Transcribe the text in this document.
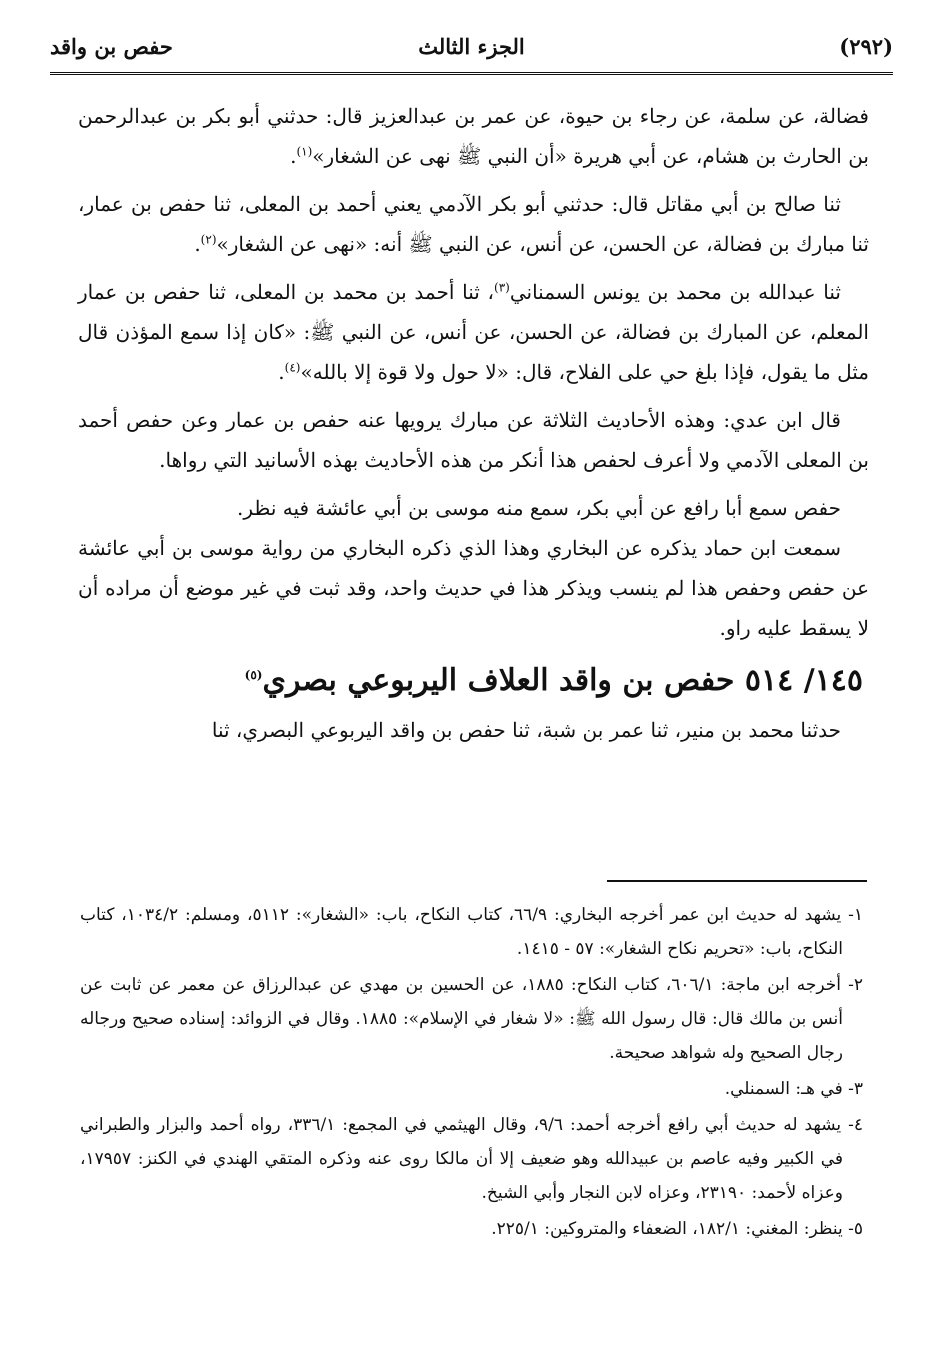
(٢٩٢)
الجزء الثالث
حفص بن واقد

فضالة، عن سلمة، عن رجاء بن حيوة، عن عمر بن عبدالعزيز قال: حدثني أبو بكر بن عبدالرحمن بن الحارث بن هشام، عن أبي هريرة «أن النبي ﷺ نهى عن الشغار»$^{(١)}$.

ثنا صالح بن أبي مقاتل قال: حدثني أبو بكر الآدمي يعني أحمد بن المعلى، ثنا حفص بن عمار، ثنا مبارك بن فضالة، عن الحسن، عن أنس، عن النبي ﷺ أنه: «نهى عن الشغار»$^{(٢)}$.

ثنا عبدالله بن محمد بن يونس السمناني$^{(٣)}$، ثنا أحمد بن محمد بن المعلى، ثنا حفص بن عمار المعلم، عن المبارك بن فضالة، عن الحسن، عن أنس، عن النبي ﷺ: «كان إذا سمع المؤذن قال مثل ما يقول، فإذا بلغ حي على الفلاح، قال: «لا حول ولا قوة إلا بالله»$^{(٤)}$.

قال ابن عدي: وهذه الأحاديث الثلاثة عن مبارك يرويها عنه حفص بن عمار وعن حفص أحمد بن المعلى الآدمي ولا أعرف لحفص هذا أنكر من هذه الأحاديث بهذه الأسانيد التي رواها.

حفص سمع أبا رافع عن أبي بكر، سمع منه موسى بن أبي عائشة فيه نظر.

سمعت ابن حماد يذكره عن البخاري وهذا الذي ذكره البخاري من رواية موسى بن أبي عائشة عن حفص وحفص هذا لم ينسب ويذكر هذا في حديث واحد، وقد ثبت في غير موضع أن مراده أن لا يسقط عليه راو.

١٤٥/ ٥١٤ حفص بن واقد العلاف اليربوعي بصري$^{(٥)}$

حدثنا محمد بن منير، ثنا عمر بن شبة، ثنا حفص بن واقد اليربوعي البصري، ثنا

١- يشهد له حديث ابن عمر أخرجه البخاري: ٦٦/٩، كتاب النكاح، باب: «الشغار»: ٥١١٢، ومسلم: ١٠٣٤/٢، كتاب النكاح، باب: «تحريم نكاح الشغار»: ٥٧ - ١٤١٥.

٢- أخرجه ابن ماجة: ٦٠٦/١، كتاب النكاح: ١٨٨٥، عن الحسين بن مهدي عن عبدالرزاق عن معمر عن ثابت عن أنس بن مالك قال: قال رسول الله ﷺ: «لا شغار في الإسلام»: ١٨٨٥. وقال في الزوائد: إسناده صحيح ورجاله رجال الصحيح وله شواهد صحيحة.

٣- في هـ: السمنلي.

٤- يشهد له حديث أبي رافع أخرجه أحمد: ٩/٦، وقال الهيثمي في المجمع: ٣٣٦/١، رواه أحمد والبزار والطبراني في الكبير وفيه عاصم بن عبيدالله وهو ضعيف إلا أن مالكا روى عنه وذكره المتقي الهندي في الكنز: ١٧٩٥٧، وعزاه لأحمد: ٢٣١٩٠، وعزاه لابن النجار وأبي الشيخ.

٥- ينظر: المغني: ١٨٢/١، الضعفاء والمتروكين: ٢٢٥/١.
